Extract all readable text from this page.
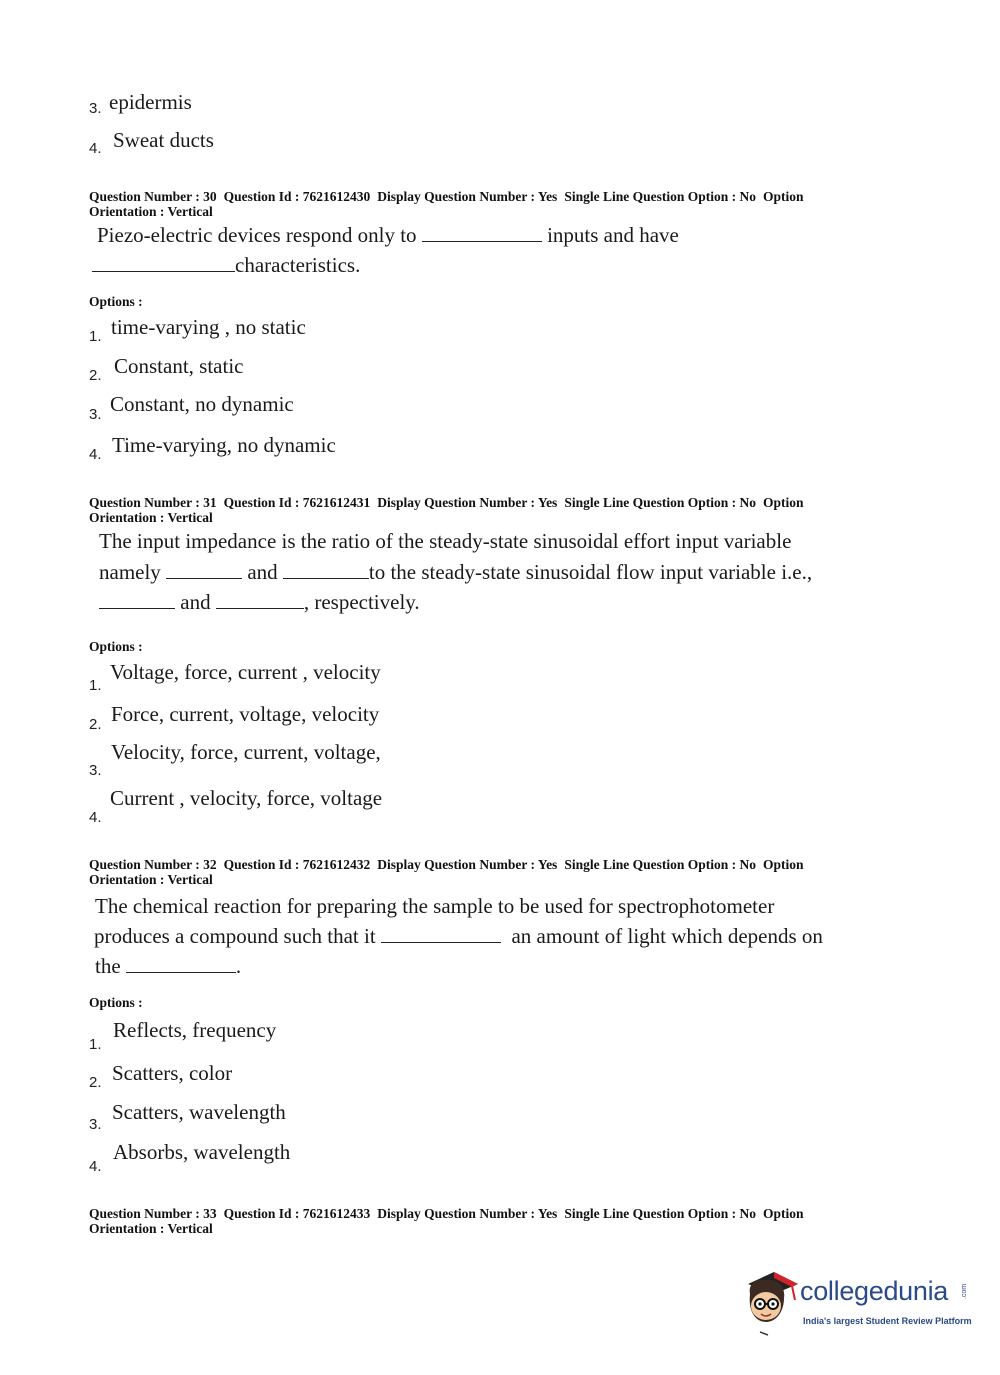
3. epidermis
4. Sweat ducts
Question Number : 30 Question Id : 7621612430 Display Question Number : Yes Single Line Question Option : No Option
Orientation : Vertical
Piezo-electric devices respond only to	inputs and have
characteristics.
Options :
1. time-varying , no static
2. Constant, static
3. Constant, no dynamic
4. Time-varying, no dynamic
Question Number : 31 Question Id : 7621612431 Display Question Number : Yes Single Line Question Option : No Option
Orientation : Vertical
The input impedance is the ratio of the steady-state sinusoidal effort input variable
namely	and	to the steady-state sinusoidal flow input variable i.e.,
and	, respectively.
Options :
1.
Voltage, force, current , velocity
2. Force, current, voltage, velocity
3.
Velocity, force, current, voltage,
4.
Current , velocity, force, voltage
Question Number : 32 Question Id : 7621612432 Display Question Number : Yes Single Line Question Option : No Option
Orientation : Vertical
The chemical reaction for preparing the sample to be used for spectrophotometer
produces a compound such that it	an amount of light which depends on
the	.
Options :
1.
Reflects, frequency
2. Scatters, color
3.
Scatters, wavelength
4.
Absorbs, wavelength
Question Number : 33 Question Id : 7621612433 Display Question Number : Yes Single Line Question Option : No Option
Orientation : Vertical
collegedunia .com
India's largest Student Review Platform
